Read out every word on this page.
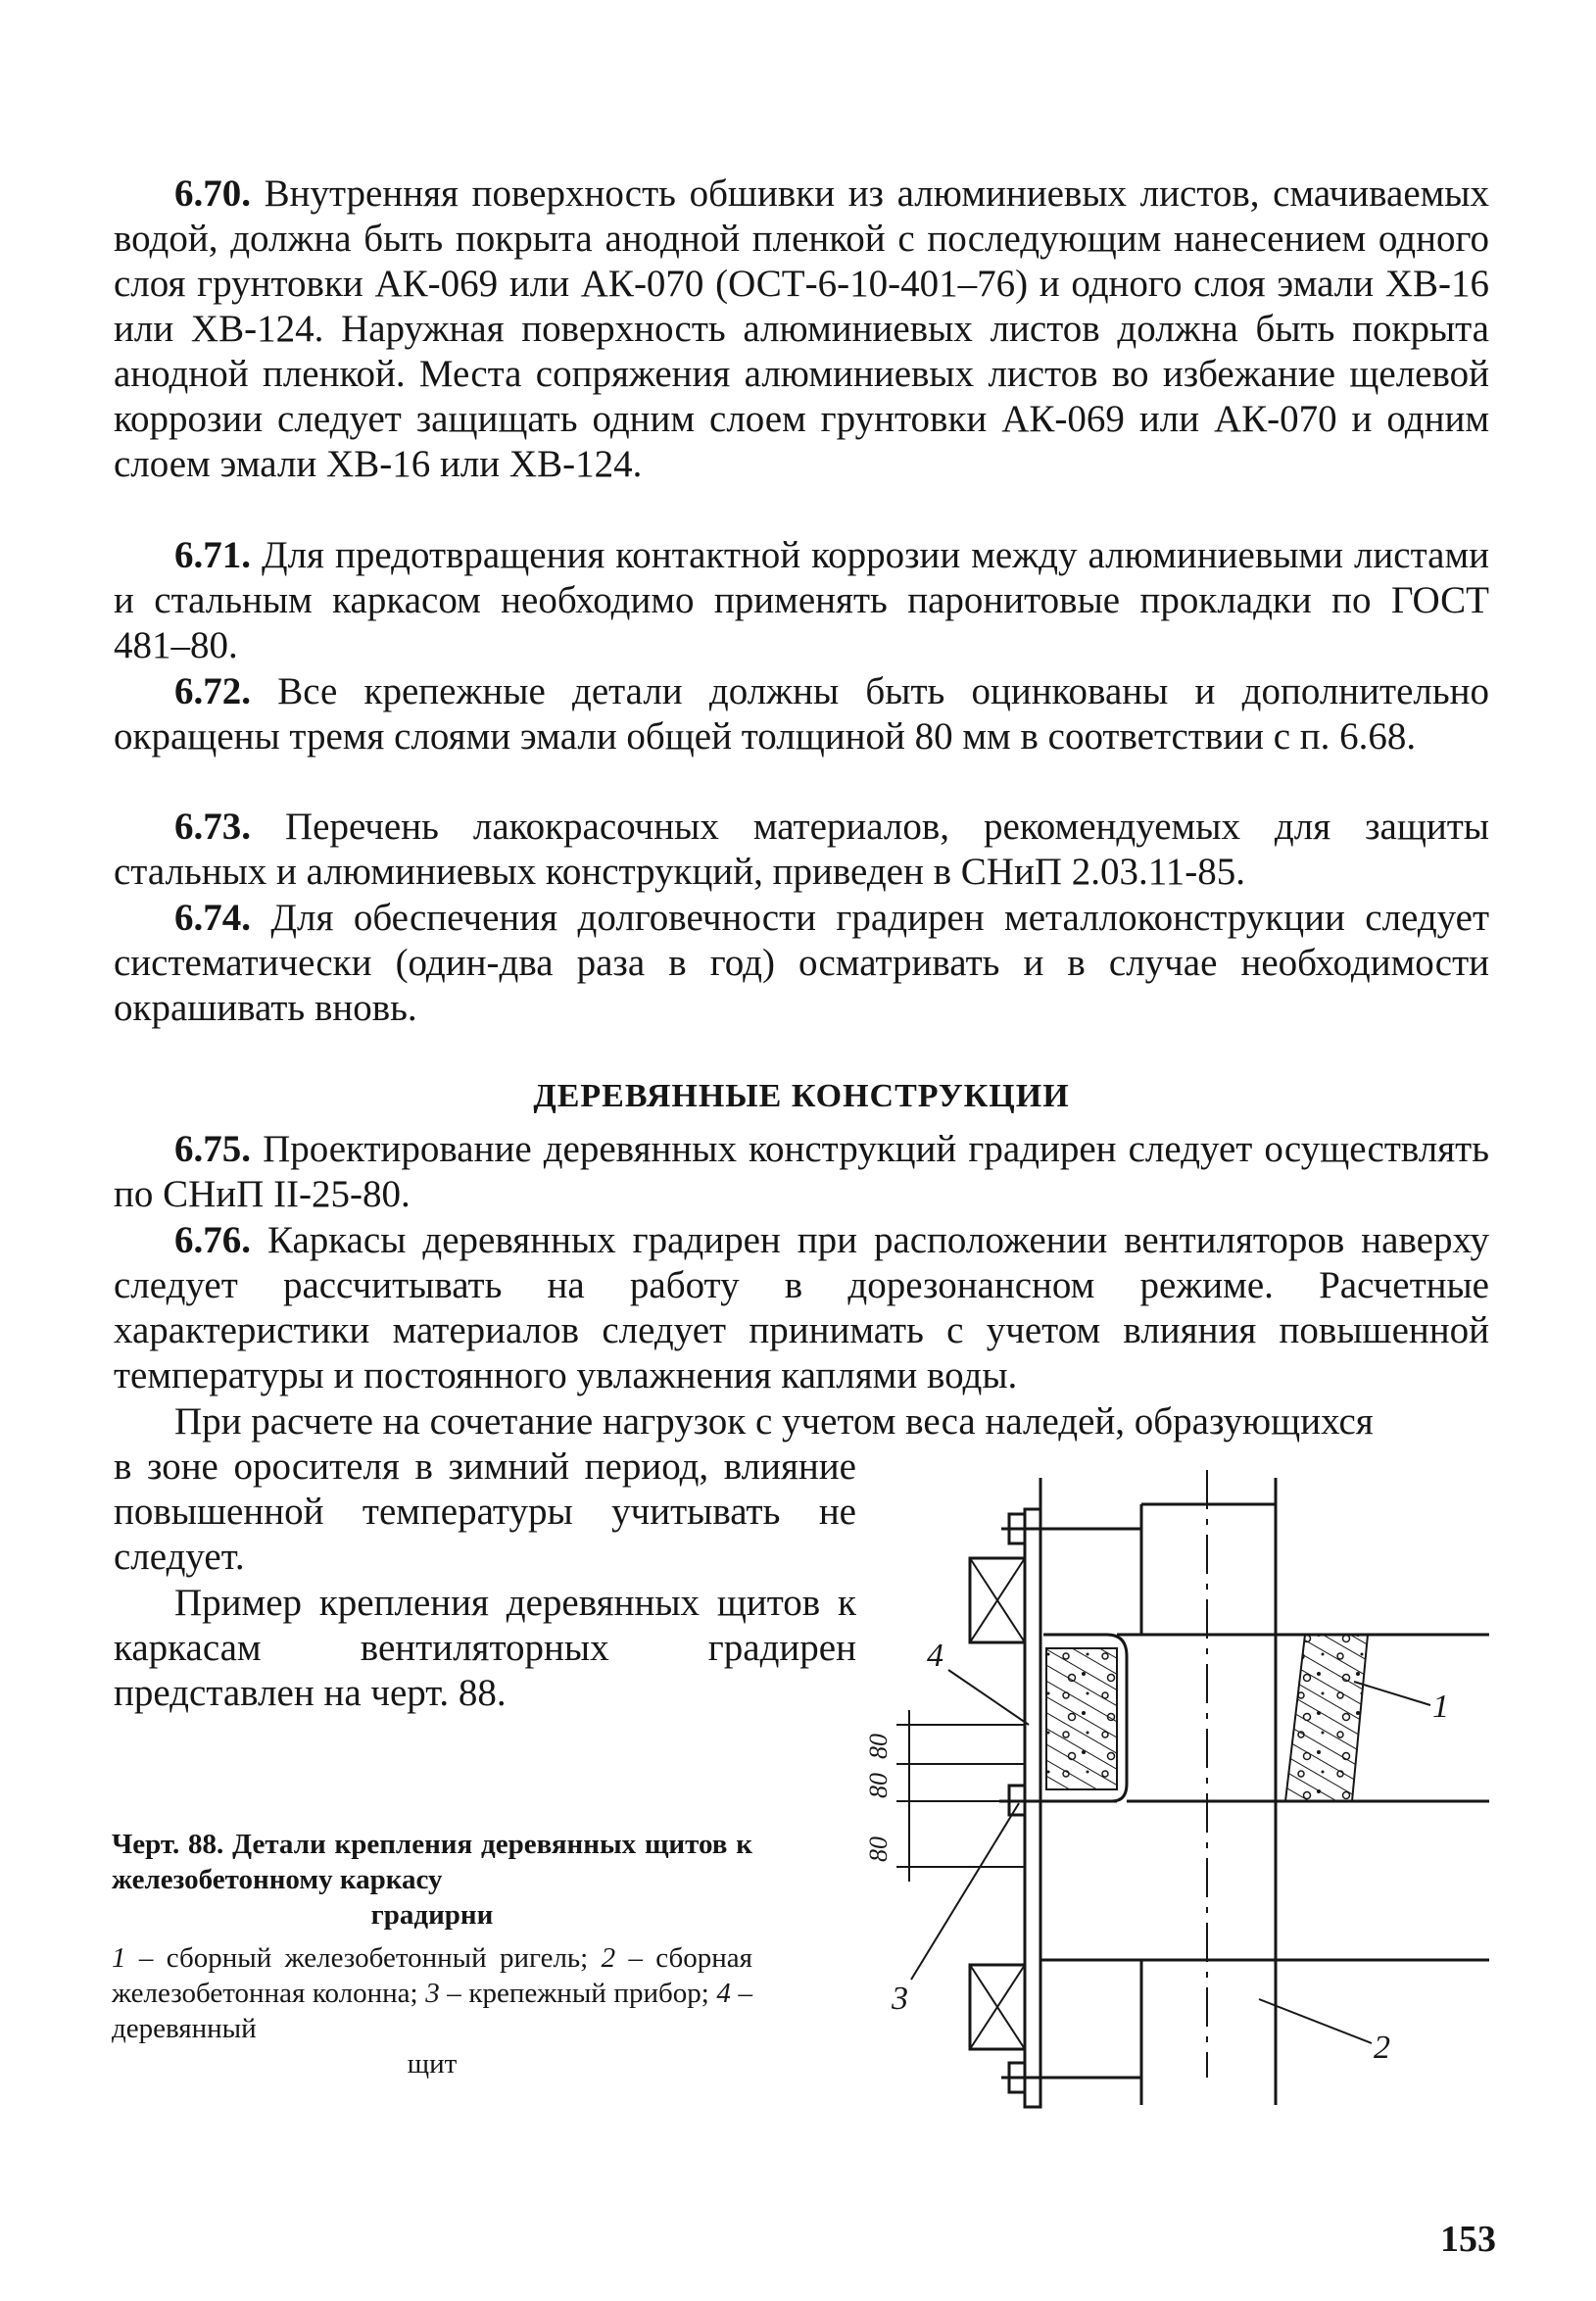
6.70. Внутренняя поверхность обшивки из алюминиевых листов, смачиваемых водой, должна быть покрыта анодной пленкой с последующим нанесением одного слоя грунтовки АК-069 или АК-070 (ОСТ-6-10-401–76) и одного слоя эмали ХВ-16 или ХВ-124. Наружная поверхность алюминиевых листов должна быть покрыта анодной пленкой. Места сопряжения алюминиевых листов во избежание щелевой коррозии следует защищать одним слоем грунтовки АК-069 или АК-070 и одним слоем эмали ХВ-16 или ХВ-124.

6.71. Для предотвращения контактной коррозии между алюминиевыми листами и стальным каркасом необходимо применять паронитовые прокладки по ГОСТ 481–80.

6.72. Все крепежные детали должны быть оцинкованы и дополнительно окращены тремя слоями эмали общей толщиной 80 мм в соответствии с п. 6.68.

6.73. Перечень лакокрасочных материалов, рекомендуемых для защиты стальных и алюминиевых конструкций, приведен в СНиП 2.03.11-85.

6.74. Для обеспечения долговечности градирен металлоконструкции следует систематически (один-два раза в год) осматривать и в случае необходимости окрашивать вновь.

ДЕРЕВЯННЫЕ КОНСТРУКЦИИ

6.75. Проектирование деревянных конструкций градирен следует осуществлять по СНиП II-25-80.

6.76. Каркасы деревянных градирен при расположении вентиляторов наверху следует рассчитывать на работу в дорезонансном режиме. Расчетные характеристики материалов следует принимать с учетом влияния повышенной температуры и постоянного увлажнения каплями воды.

При расчете на сочетание нагрузок с учетом веса наледей, образующихся

в зоне оросителя в зимний период, влияние повышенной температуры учитывать не следует.

Пример крепления деревянных щитов к каркасам вентиляторных градирен представлен на черт. 88.

Черт. 88. Детали крепления деревянных щитов к железобетонному каркасу
градирни

1 – сборный железобетонный ригель; 2 – сборная железобетонная колонна; 3 – крепежный прибор; 4 – деревянный
щит

1
2
3
4
80
80
80
153
